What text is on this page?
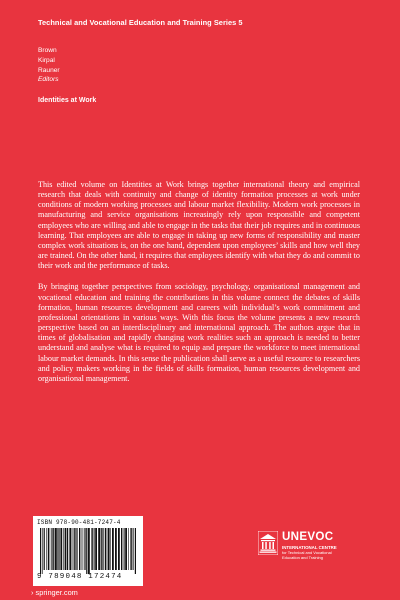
Technical and Vocational Education and Training Series 5
Brown
Kirpal
Rauner
Editors
Identities at Work

This edited volume on Identities at Work brings together international theory and empirical research that deals with continuity and change of identity formation processes at work under conditions of modern working processes and labour market flexibility. Modern work processes in manufacturing and service organisations increasingly rely upon responsible and competent employees who are willing and able to engage in the tasks that their job requires and in continuous learning. That employees are able to engage in taking up new forms of responsibility and master complex work situations is, on the one hand, dependent upon employees’ skills and how well they are trained. On the other hand, it requires that employees identify with what they do and commit to their work and the performance of tasks.

By bringing together perspectives from sociology, psychology, organisational management and vocational education and training the contributions in this volume connect the debates of skills formation, human resources development and careers with individual’s work commitment and professional orientations in various ways. With this focus the volume presents a new research perspective based on an interdisciplinary and international approach. The authors argue that in times of globalisation and rapidly changing work realities such an approach is needed to better understand and analyse what is required to equip and prepare the workforce to meet international labour market demands. In this sense the publication shall serve as a useful resource to researchers and policy makers working in the fields of skills formation, human resources development and organisational management.

ISBN 978-90-481-7247-4
9 789048 172474
UNEVOC
INTERNATIONAL CENTRE
for Technical and Vocational
Education and Training
› springer.com
